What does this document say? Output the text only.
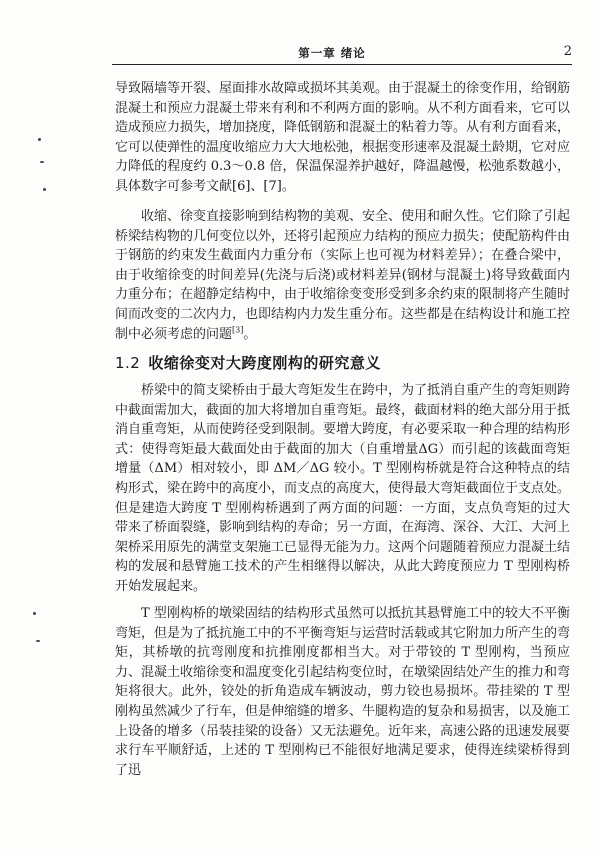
第一章 绪论	2
导致隔墙等开裂、屋面排水故障或损坏其美观。由于混凝土的徐变作用，给钢筋混凝土和预应力混凝土带来有利和不利两方面的影响。从不利方面看来，它可以造成预应力损失，增加挠度，降低钢筋和混凝土的粘着力等。从有利方面看来，它可以使弹性的温度收缩应力大大地松弛，根据变形速率及混凝土龄期，它对应力降低的程度约 0.3～0.8 倍，保温保湿养护越好，降温越慢，松弛系数越小，具体数字可参考文献[6]、[7]。
收缩、徐变直接影响到结构物的美观、安全、使用和耐久性。它们除了引起桥梁结构物的几何变位以外，还将引起预应力结构的预应力损失；使配筋构件由于钢筋的约束发生截面内力重分布（实际上也可视为材料差异）；在叠合梁中，由于收缩徐变的时间差异(先浇与后浇)或材料差异(钢材与混凝土)将导致截面内力重分布；在超静定结构中，由于收缩徐变变形受到多余约束的限制将产生随时间而改变的二次内力，也即结构内力发生重分布。这些都是在结构设计和施工控制中必须考虑的问题[3]。
1.2 收缩徐变对大跨度刚构的研究意义
桥梁中的简支梁桥由于最大弯矩发生在跨中，为了抵消自重产生的弯矩则跨中截面需加大，截面的加大将增加自重弯矩。最终，截面材料的绝大部分用于抵消自重弯矩，从而使跨径受到限制。要增大跨度，有必要采取一种合理的结构形式：使得弯矩最大截面处由于截面的加大（自重增量ΔG）而引起的该截面弯矩增量（ΔM）相对较小，即 ΔM／ΔG 较小。T 型刚构桥就是符合这种特点的结构形式，梁在跨中的高度小，而支点的高度大，使得最大弯矩截面位于支点处。但是建造大跨度 T 型刚构桥遇到了两方面的问题：一方面，支点负弯矩的过大带来了桥面裂缝，影响到结构的寿命；另一方面，在海湾、深谷、大江、大河上架桥采用原先的满堂支架施工已显得无能为力。这两个问题随着预应力混凝土结构的发展和悬臂施工技术的产生相继得以解决，从此大跨度预应力 T 型刚构桥开始发展起来。
T 型刚构桥的墩梁固结的结构形式虽然可以抵抗其悬臂施工中的较大不平衡弯矩，但是为了抵抗施工中的不平衡弯矩与运营时活载或其它附加力所产生的弯矩，其桥墩的抗弯刚度和抗推刚度都相当大。对于带铰的 T 型刚构，当预应力、混凝土收缩徐变和温度变化引起结构变位时，在墩梁固结处产生的推力和弯矩将很大。此外，铰处的折角造成车辆波动，剪力铰也易损坏。带挂梁的 T 型刚构虽然减少了行车，但是伸缩缝的增多、牛腿构造的复杂和易损害，以及施工上设备的增多（吊装挂梁的设备）又无法避免。近年来，高速公路的迅速发展要求行车平顺舒适，上述的 T 型刚构已不能很好地满足要求，使得连续梁桥得到了迅
